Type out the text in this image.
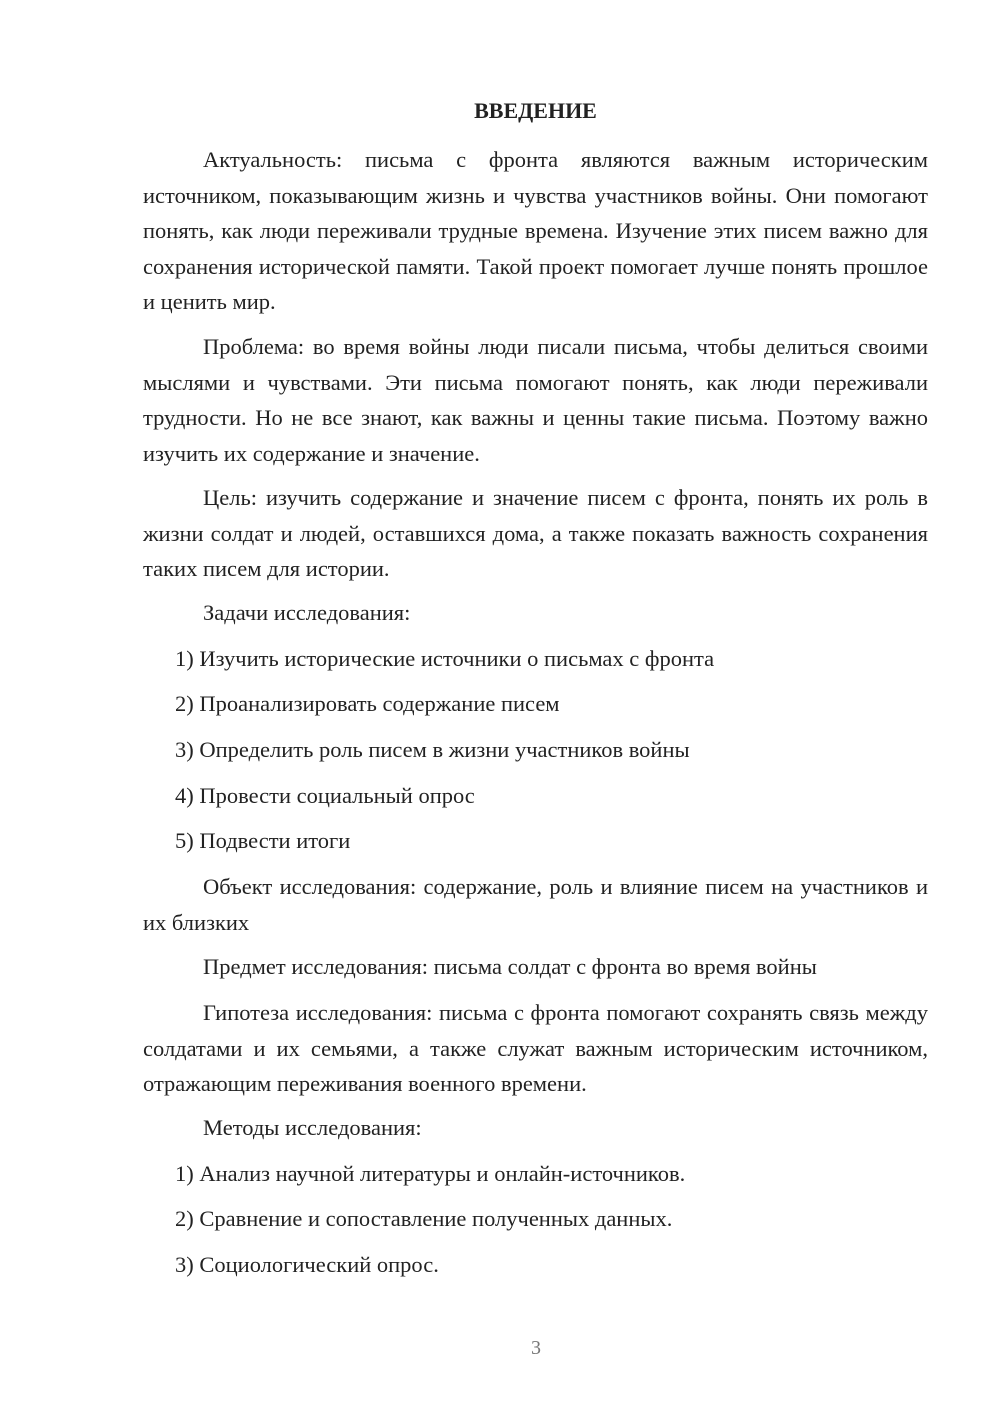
ВВЕДЕНИЕ

Актуальность: письма с фронта являются важным историческим источником, показывающим жизнь и чувства участников войны. Они помогают понять, как люди переживали трудные времена. Изучение этих писем важно для сохранения исторической памяти. Такой проект помогает лучше понять прошлое и ценить мир.

Проблема: во время войны люди писали письма, чтобы делиться своими мыслями и чувствами. Эти письма помогают понять, как люди переживали трудности. Но не все знают, как важны и ценны такие письма. Поэтому важно изучить их содержание и значение.

Цель: изучить содержание и значение писем с фронта, понять их роль в жизни солдат и людей, оставшихся дома, а также показать важность сохранения таких писем для истории.

Задачи исследования:

1) Изучить исторические источники о письмах с фронта

2) Проанализировать содержание писем

3) Определить роль писем в жизни участников войны

4) Провести социальный опрос

5) Подвести итоги

Объект исследования: содержание, роль и влияние писем на участников и их близких

Предмет исследования: письма солдат с фронта во время войны

Гипотеза исследования: письма с фронта помогают сохранять связь между солдатами и их семьями, а также служат важным историческим источником, отражающим переживания военного времени.

Методы исследования:

1) Анализ научной литературы и онлайн-источников.

2) Сравнение и сопоставление полученных данных.

3) Социологический опрос.

3
